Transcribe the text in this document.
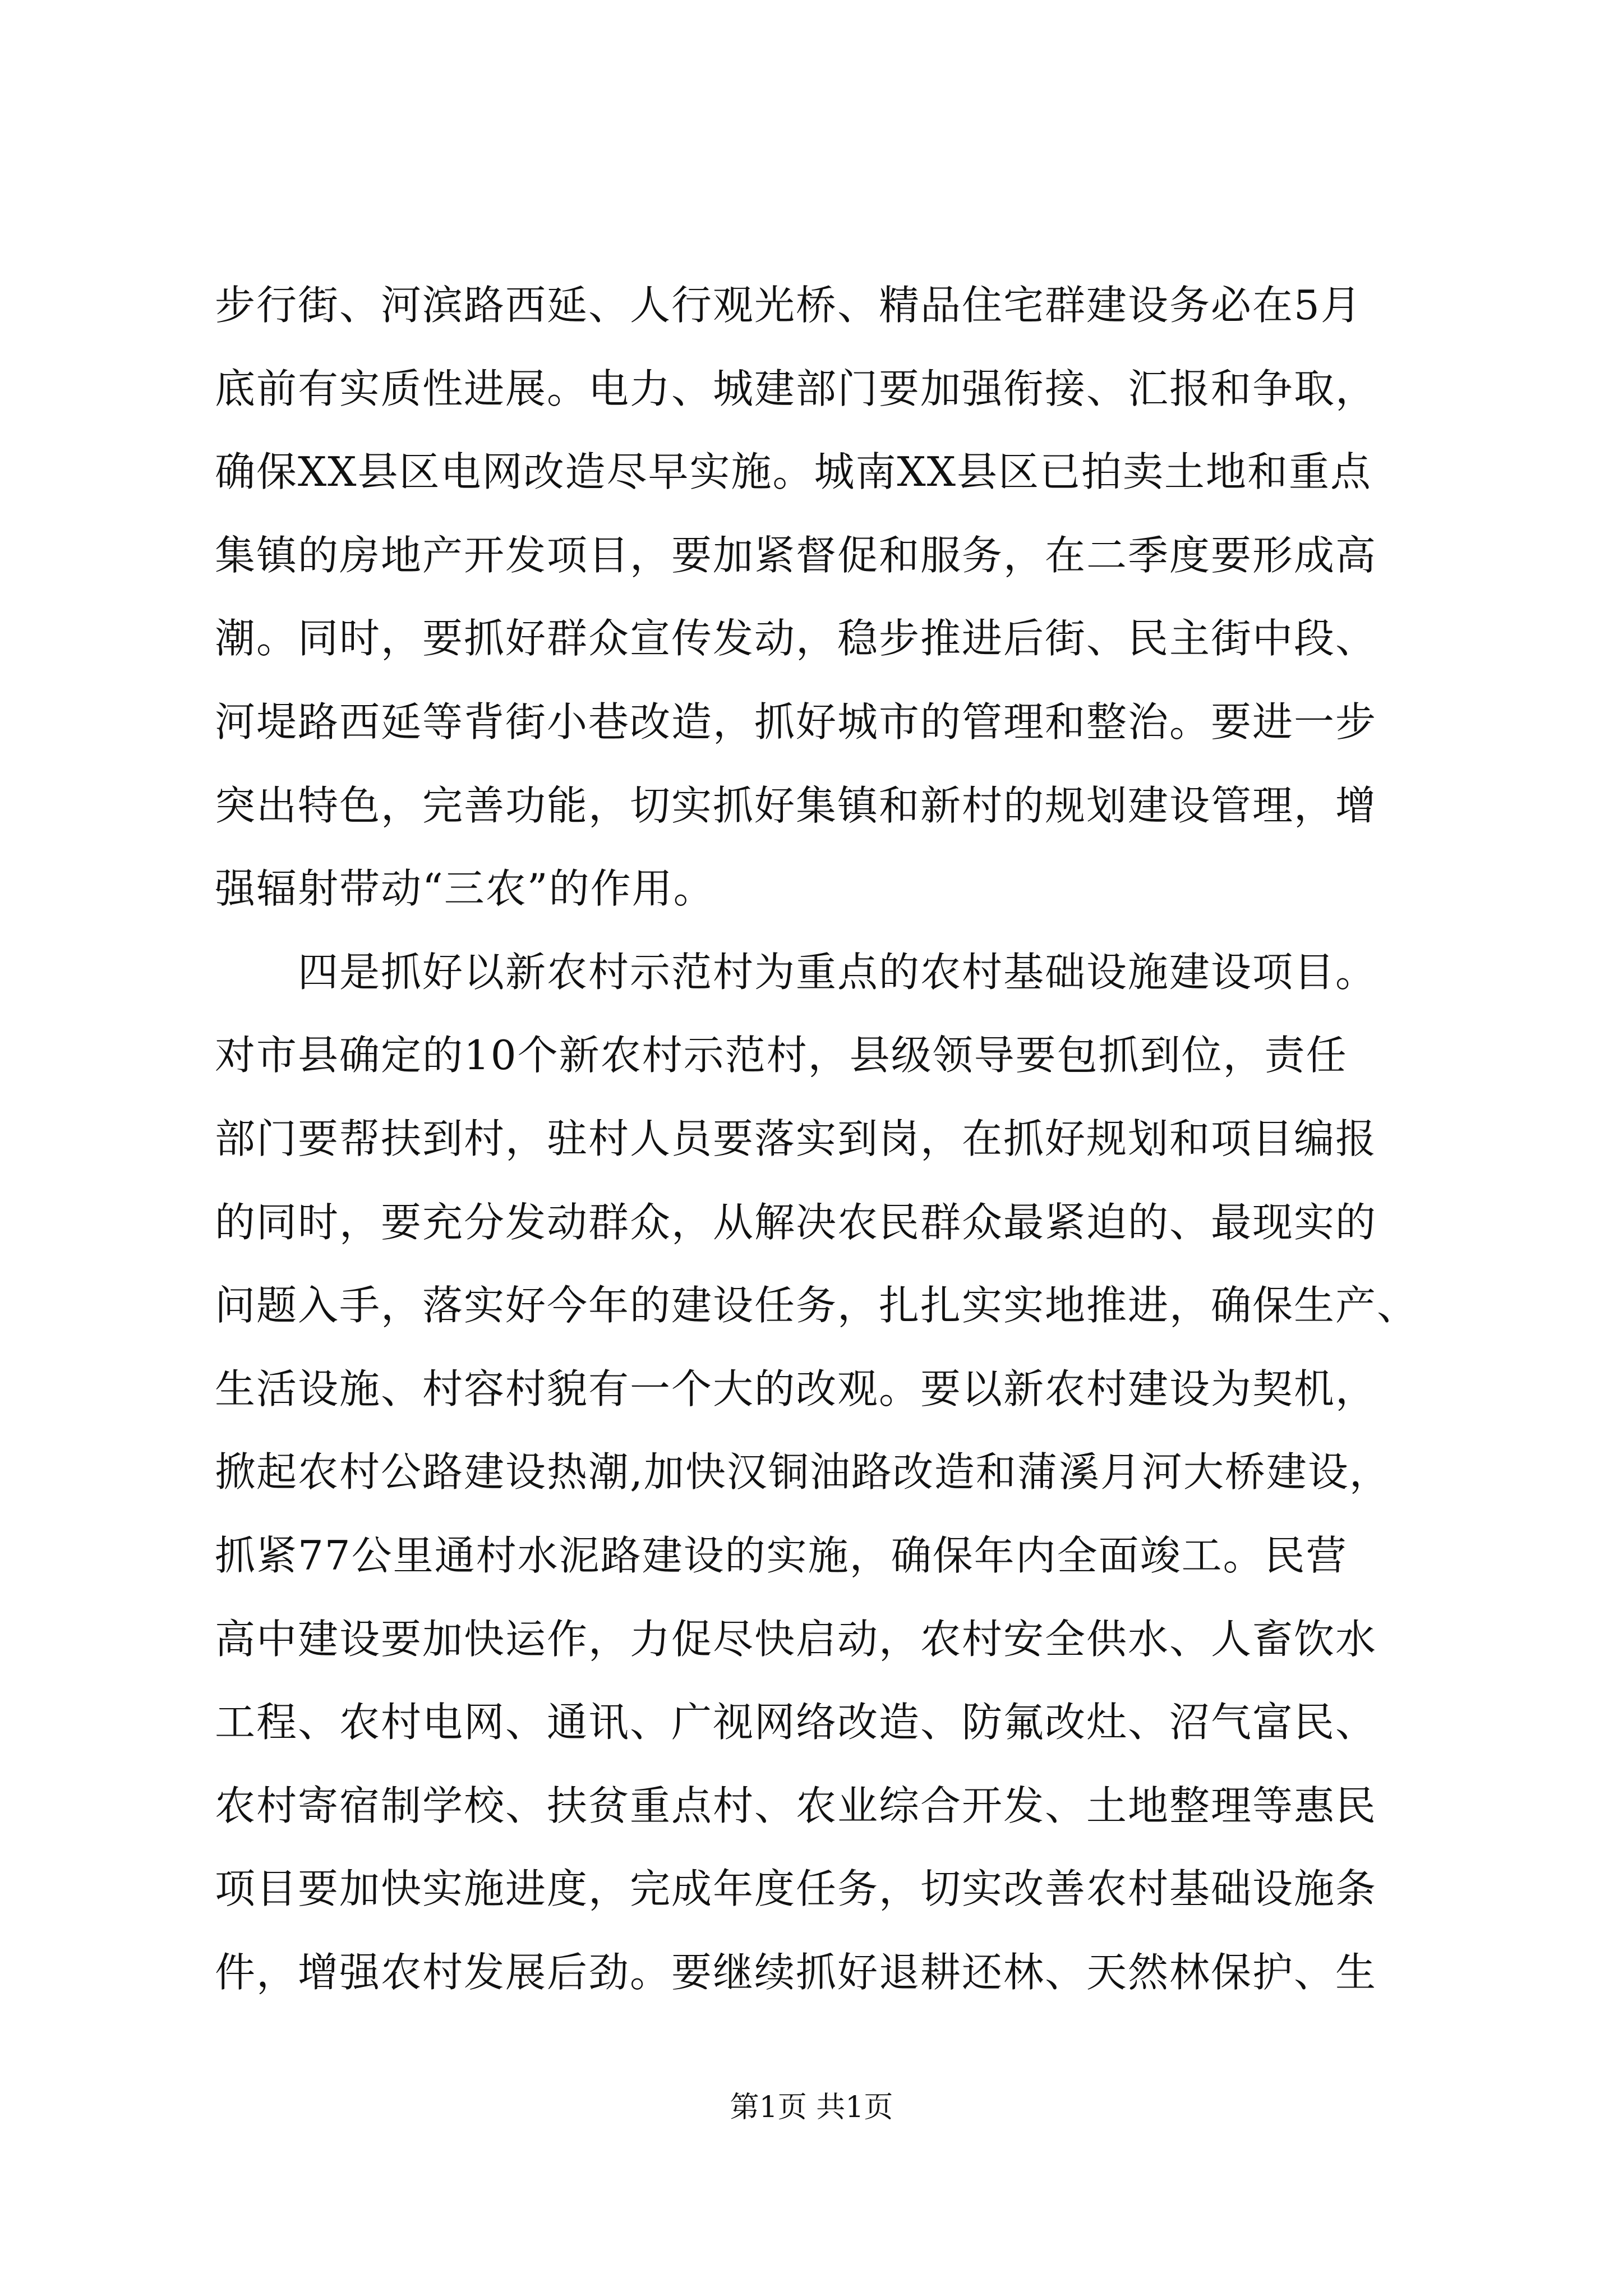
步行街、河滨路西延、人行观光桥、精品住宅群建设务必在5月
底前有实质性进展。电力、城建部门要加强衔接、汇报和争取，
确保XX县区电网改造尽早实施。城南XX县区已拍卖土地和重点
集镇的房地产开发项目，要加紧督促和服务，在二季度要形成高
潮。同时，要抓好群众宣传发动，稳步推进后街、民主街中段、
河堤路西延等背街小巷改造，抓好城市的管理和整治。要进一步
突出特色，完善功能，切实抓好集镇和新村的规划建设管理，增
强辐射带动“三农”的作用。
　　四是抓好以新农村示范村为重点的农村基础设施建设项目。
对市县确定的10个新农村示范村，县级领导要包抓到位，责任
部门要帮扶到村，驻村人员要落实到岗，在抓好规划和项目编报
的同时，要充分发动群众，从解决农民群众最紧迫的、最现实的
问题入手，落实好今年的建设任务，扎扎实实地推进，确保生产、
生活设施、村容村貌有一个大的改观。要以新农村建设为契机，
掀起农村公路建设热潮,加快汉铜油路改造和蒲溪月河大桥建设，
抓紧77公里通村水泥路建设的实施，确保年内全面竣工。民营
高中建设要加快运作，力促尽快启动，农村安全供水、人畜饮水
工程、农村电网、通讯、广视网络改造、防氟改灶、沼气富民、
农村寄宿制学校、扶贫重点村、农业综合开发、土地整理等惠民
项目要加快实施进度，完成年度任务，切实改善农村基础设施条
件，增强农村发展后劲。要继续抓好退耕还林、天然林保护、生
第1页 共1页
